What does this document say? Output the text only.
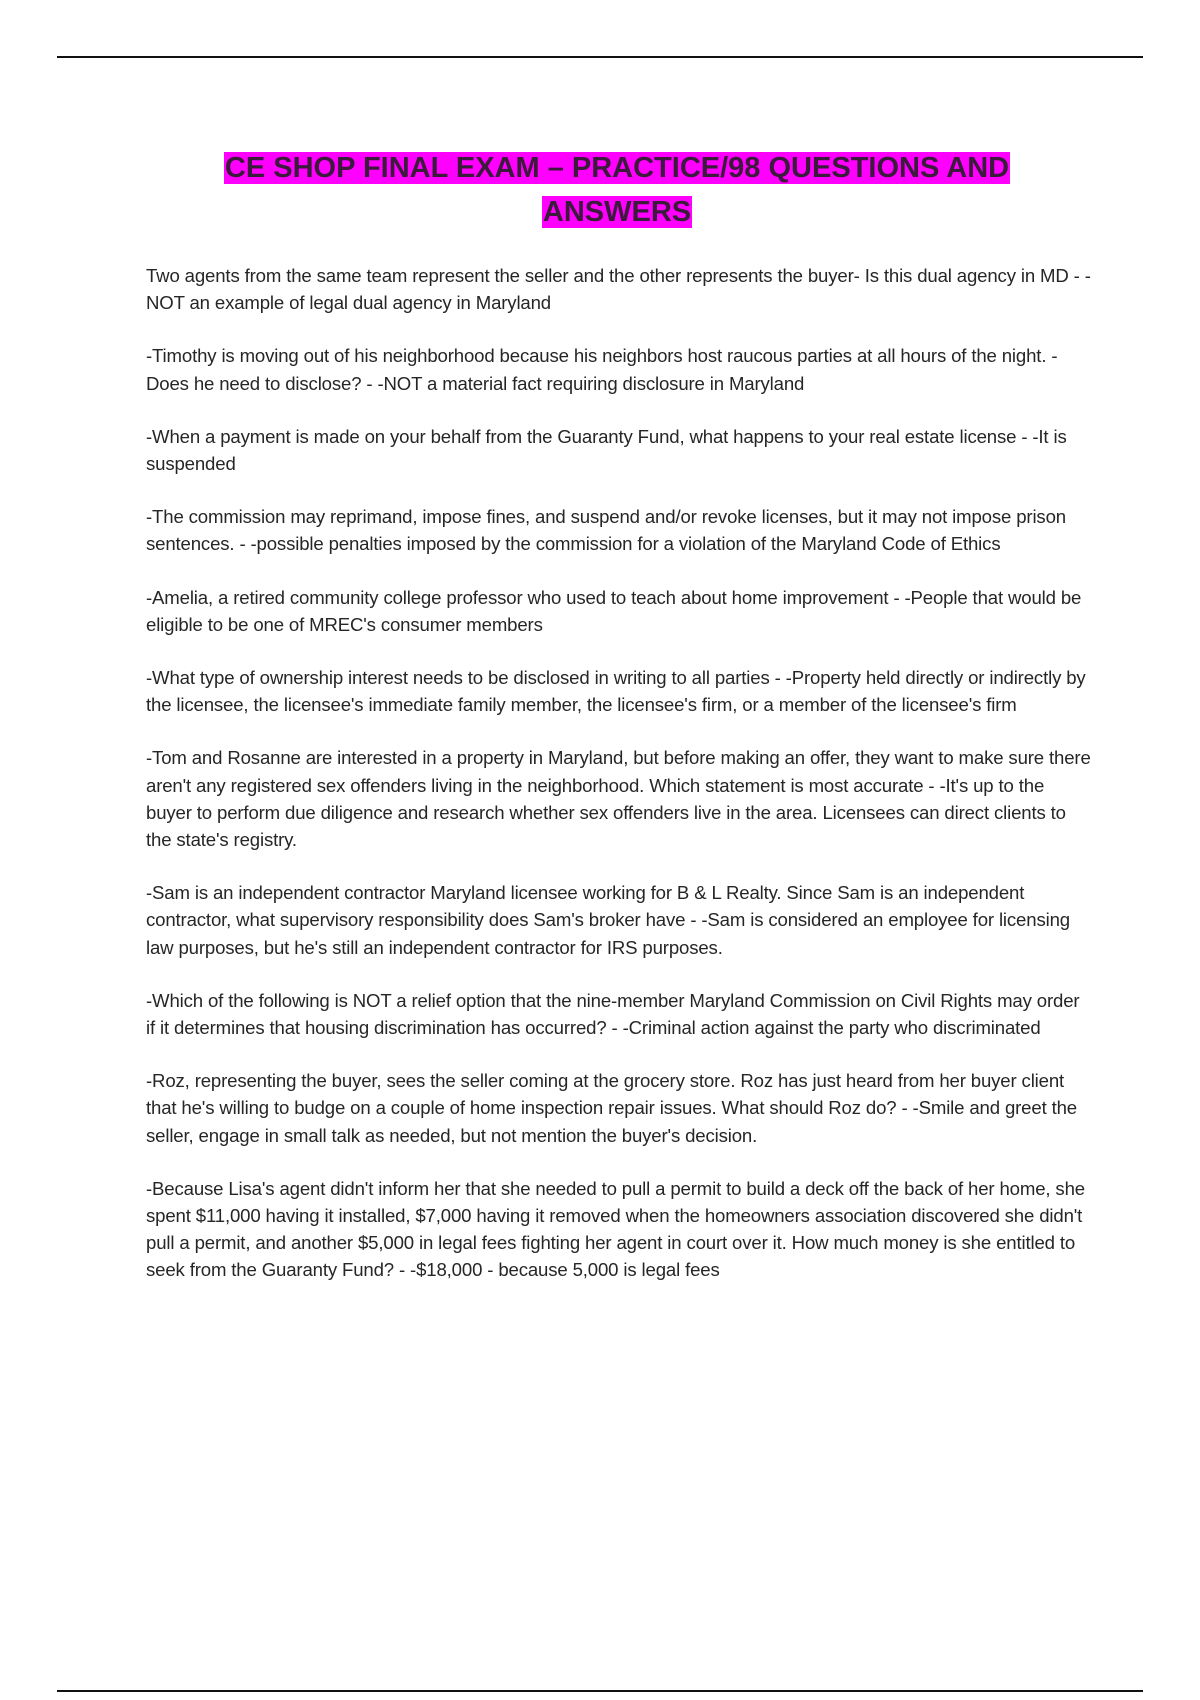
CE SHOP FINAL EXAM – PRACTICE/98 QUESTIONS AND ANSWERS
Two agents from the same team represent the seller and the other represents the buyer- Is this dual agency in MD - -NOT an example of legal dual agency in Maryland
-Timothy is moving out of his neighborhood because his neighbors host raucous parties at all hours of the night. - Does he need to disclose? - -NOT a material fact requiring disclosure in Maryland
-When a payment is made on your behalf from the Guaranty Fund, what happens to your real estate license - -It is suspended
-The commission may reprimand, impose fines, and suspend and/or revoke licenses, but it may not impose prison sentences. - -possible penalties imposed by the commission for a violation of the Maryland Code of Ethics
-Amelia, a retired community college professor who used to teach about home improvement - -People that would be eligible to be one of MREC's consumer members
-What type of ownership interest needs to be disclosed in writing to all parties - -Property held directly or indirectly by the licensee, the licensee's immediate family member, the licensee's firm, or a member of the licensee's firm
-Tom and Rosanne are interested in a property in Maryland, but before making an offer, they want to make sure there aren't any registered sex offenders living in the neighborhood. Which statement is most accurate - -It's up to the buyer to perform due diligence and research whether sex offenders live in the area. Licensees can direct clients to the state's registry.
-Sam is an independent contractor Maryland licensee working for B & L Realty. Since Sam is an independent contractor, what supervisory responsibility does Sam's broker have - -Sam is considered an employee for licensing law purposes, but he's still an independent contractor for IRS purposes.
-Which of the following is NOT a relief option that the nine-member Maryland Commission on Civil Rights may order if it determines that housing discrimination has occurred? - -Criminal action against the party who discriminated
-Roz, representing the buyer, sees the seller coming at the grocery store. Roz has just heard from her buyer client that he's willing to budge on a couple of home inspection repair issues. What should Roz do? - -Smile and greet the seller, engage in small talk as needed, but not mention the buyer's decision.
-Because Lisa's agent didn't inform her that she needed to pull a permit to build a deck off the back of her home, she spent $11,000 having it installed, $7,000 having it removed when the homeowners association discovered she didn't pull a permit, and another $5,000 in legal fees fighting her agent in court over it. How much money is she entitled to seek from the Guaranty Fund? - -$18,000 - because 5,000 is legal fees
